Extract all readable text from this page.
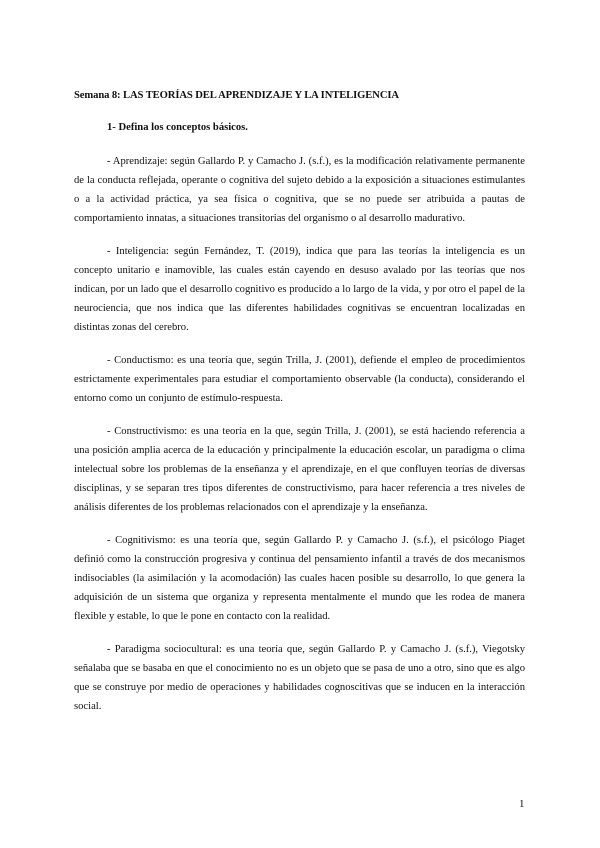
Semana 8: LAS TEORÍAS DEL APRENDIZAJE Y LA INTELIGENCIA

1- Defina los conceptos básicos.

- Aprendizaje: según Gallardo P. y Camacho J. (s.f.), es la modificación relativamente permanente de la conducta reflejada, operante o cognitiva del sujeto debido a la exposición a situaciones estimulantes o a la actividad práctica, ya sea física o cognitiva, que se no puede ser atribuida a pautas de comportamiento innatas, a situaciones transitorias del organismo o al desarrollo madurativo.

- Inteligencia: según Fernández, T. (2019), indica que para las teorías la inteligencia es un concepto unitario e inamovible, las cuales están cayendo en desuso avalado por las teorías que nos indican, por un lado que el desarrollo cognitivo es producido a lo largo de la vida, y por otro el papel de la neurociencia, que nos indica que las diferentes habilidades cognitivas se encuentran localizadas en distintas zonas del cerebro.

- Conductismo: es una teoría que, según Trilla, J. (2001), defiende el empleo de procedimientos estrictamente experimentales para estudiar el comportamiento observable (la conducta), considerando el entorno como un conjunto de estímulo-respuesta.

- Constructivismo: es una teoría en la que, según Trilla, J. (2001), se está haciendo referencia a una posición amplia acerca de la educación y principalmente la educación escolar, un paradigma o clima intelectual sobre los problemas de la enseñanza y el aprendizaje, en el que confluyen teorías de diversas disciplinas, y se separan tres tipos diferentes de constructivismo, para hacer referencia a tres niveles de análisis diferentes de los problemas relacionados con el aprendizaje y la enseñanza.

- Cognitivismo: es una teoría que, según Gallardo P. y Camacho J. (s.f.), el psicólogo Piaget definió como la construcción progresiva y continua del pensamiento infantil a través de dos mecanismos indisociables (la asimilación y la acomodación) las cuales hacen posible su desarrollo, lo que genera la adquisición de un sistema que organiza y representa mentalmente el mundo que les rodea de manera flexible y estable, lo que le pone en contacto con la realidad.

- Paradigma sociocultural: es una teoría que, según Gallardo P. y Camacho J. (s.f.), Viegotsky señalaba que se basaba en que el conocimiento no es un objeto que se pasa de uno a otro, sino que es algo que se construye por medio de operaciones y habilidades cognoscitivas que se inducen en la interacción social.

1
